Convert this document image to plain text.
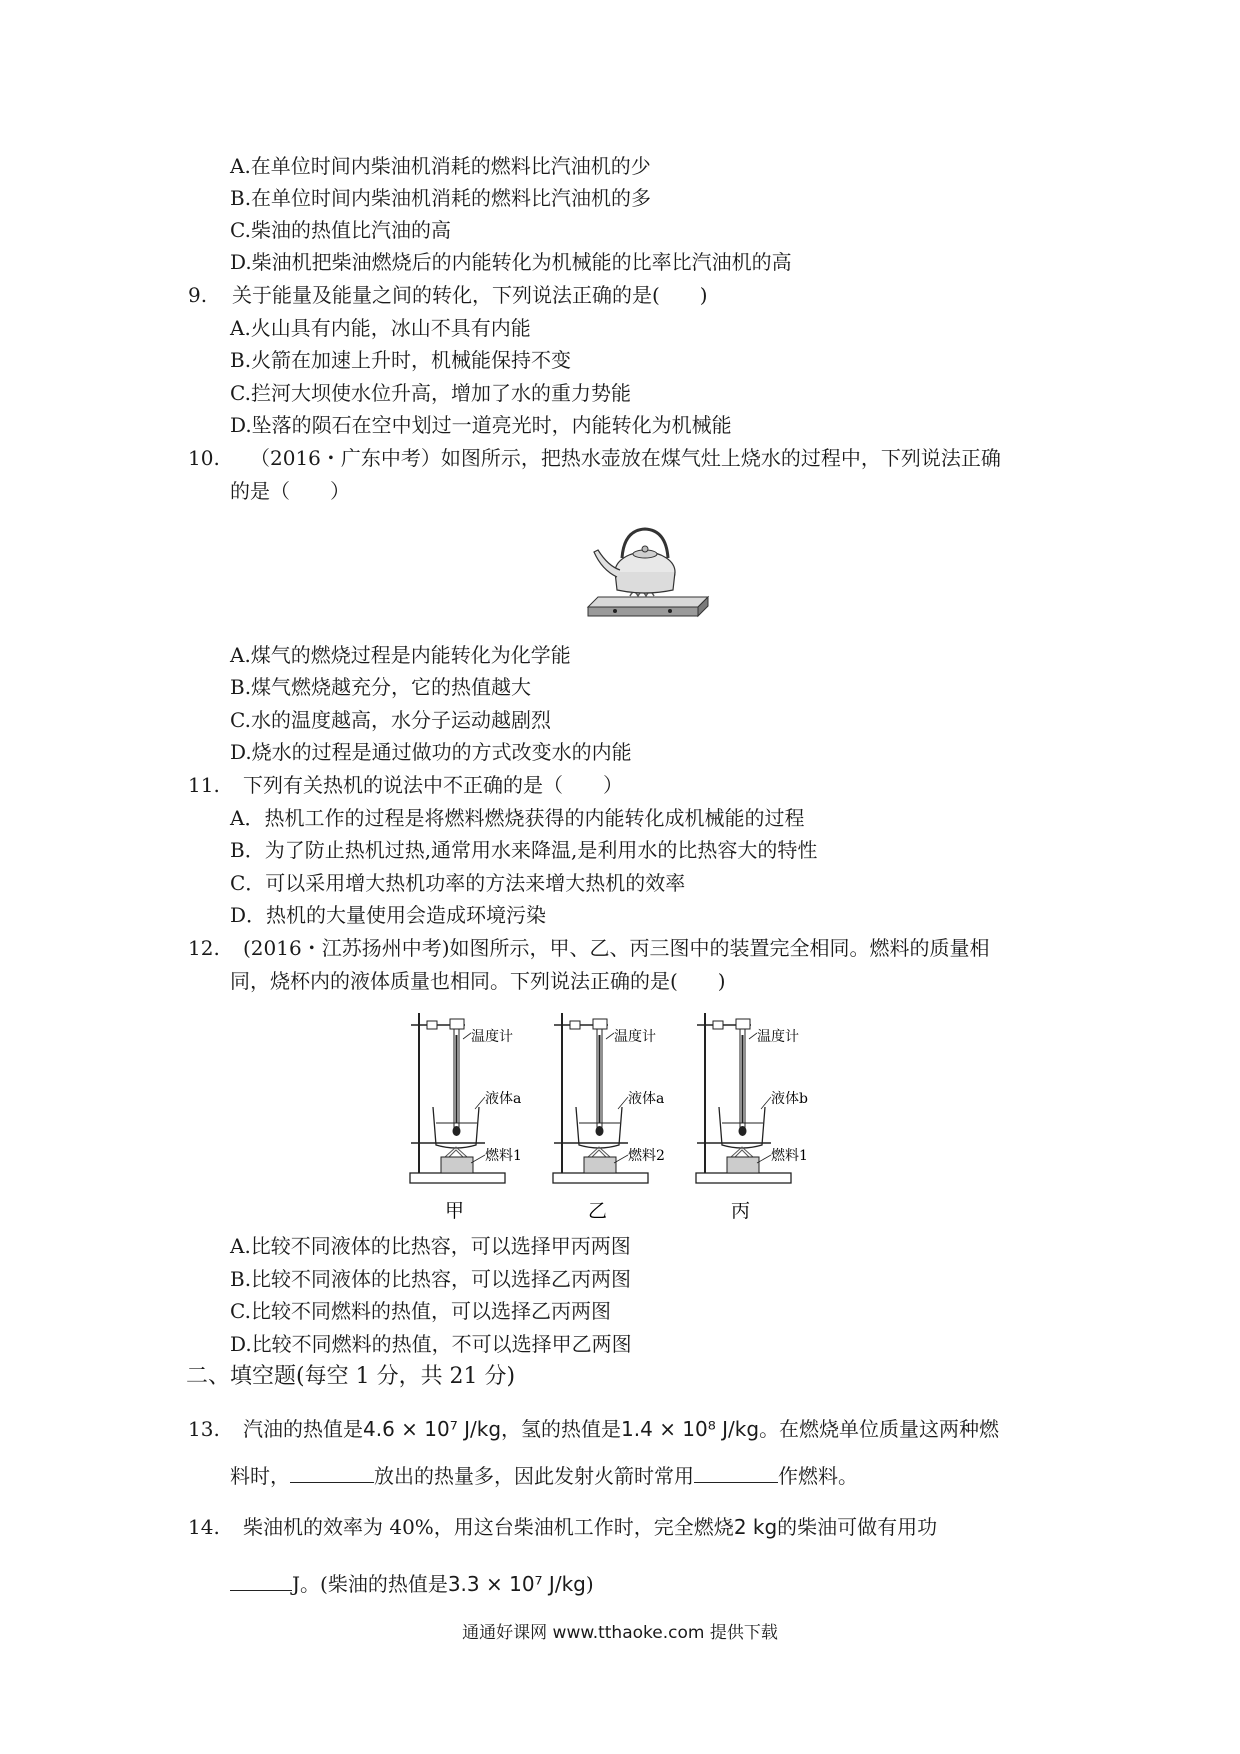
A.在单位时间内柴油机消耗的燃料比汽油机的少
B.在单位时间内柴油机消耗的燃料比汽油机的多
C.柴油的热值比汽油的高
D.柴油机把柴油燃烧后的内能转化为机械能的比率比汽油机的高
9. 关于能量及能量之间的转化，下列说法正确的是(　　)
A.火山具有内能，冰山不具有内能
B.火箭在加速上升时，机械能保持不变
C.拦河大坝使水位升高，增加了水的重力势能
D.坠落的陨石在空中划过一道亮光时，内能转化为机械能
10. （2016・广东中考）如图所示，把热水壶放在煤气灶上烧水的过程中，下列说法正确
的是（　　）
A.煤气的燃烧过程是内能转化为化学能
B.煤气燃烧越充分，它的热值越大
C.水的温度越高，水分子运动越剧烈
D.烧水的过程是通过做功的方式改变水的内能
11. 下列有关热机的说法中不正确的是（　　）
A．热机工作的过程是将燃料燃烧获得的内能转化成机械能的过程
B．为了防止热机过热,通常用水来降温,是利用水的比热容大的特性
C．可以采用增大热机功率的方法来增大热机的效率
D．热机的大量使用会造成环境污染
12. (2016・江苏扬州中考)如图所示，甲、乙、丙三图中的装置完全相同。燃料的质量相
同，烧杯内的液体质量也相同。下列说法正确的是(　　)
温度计
液体a
燃料1
甲
温度计
液体a
燃料2
乙
温度计
液体b
燃料1
丙
A.比较不同液体的比热容，可以选择甲丙两图
B.比较不同液体的比热容，可以选择乙丙两图
C.比较不同燃料的热值，可以选择乙丙两图
D.比较不同燃料的热值，不可以选择甲乙两图
二、填空题(每空 1 分，共 21 分)
13. 汽油的热值是4.6 × 10⁷ J/kg，氢的热值是1.4 × 10⁸ J/kg。在燃烧单位质量这两种燃
料时，	放出的热量多，因此发射火箭时常用	作燃料。
14. 柴油机的效率为 40%，用这台柴油机工作时，完全燃烧2 kg的柴油可做有用功
J。(柴油的热值是3.3 × 10⁷ J/kg)
通通好课网 www.tthaoke.com 提供下载
